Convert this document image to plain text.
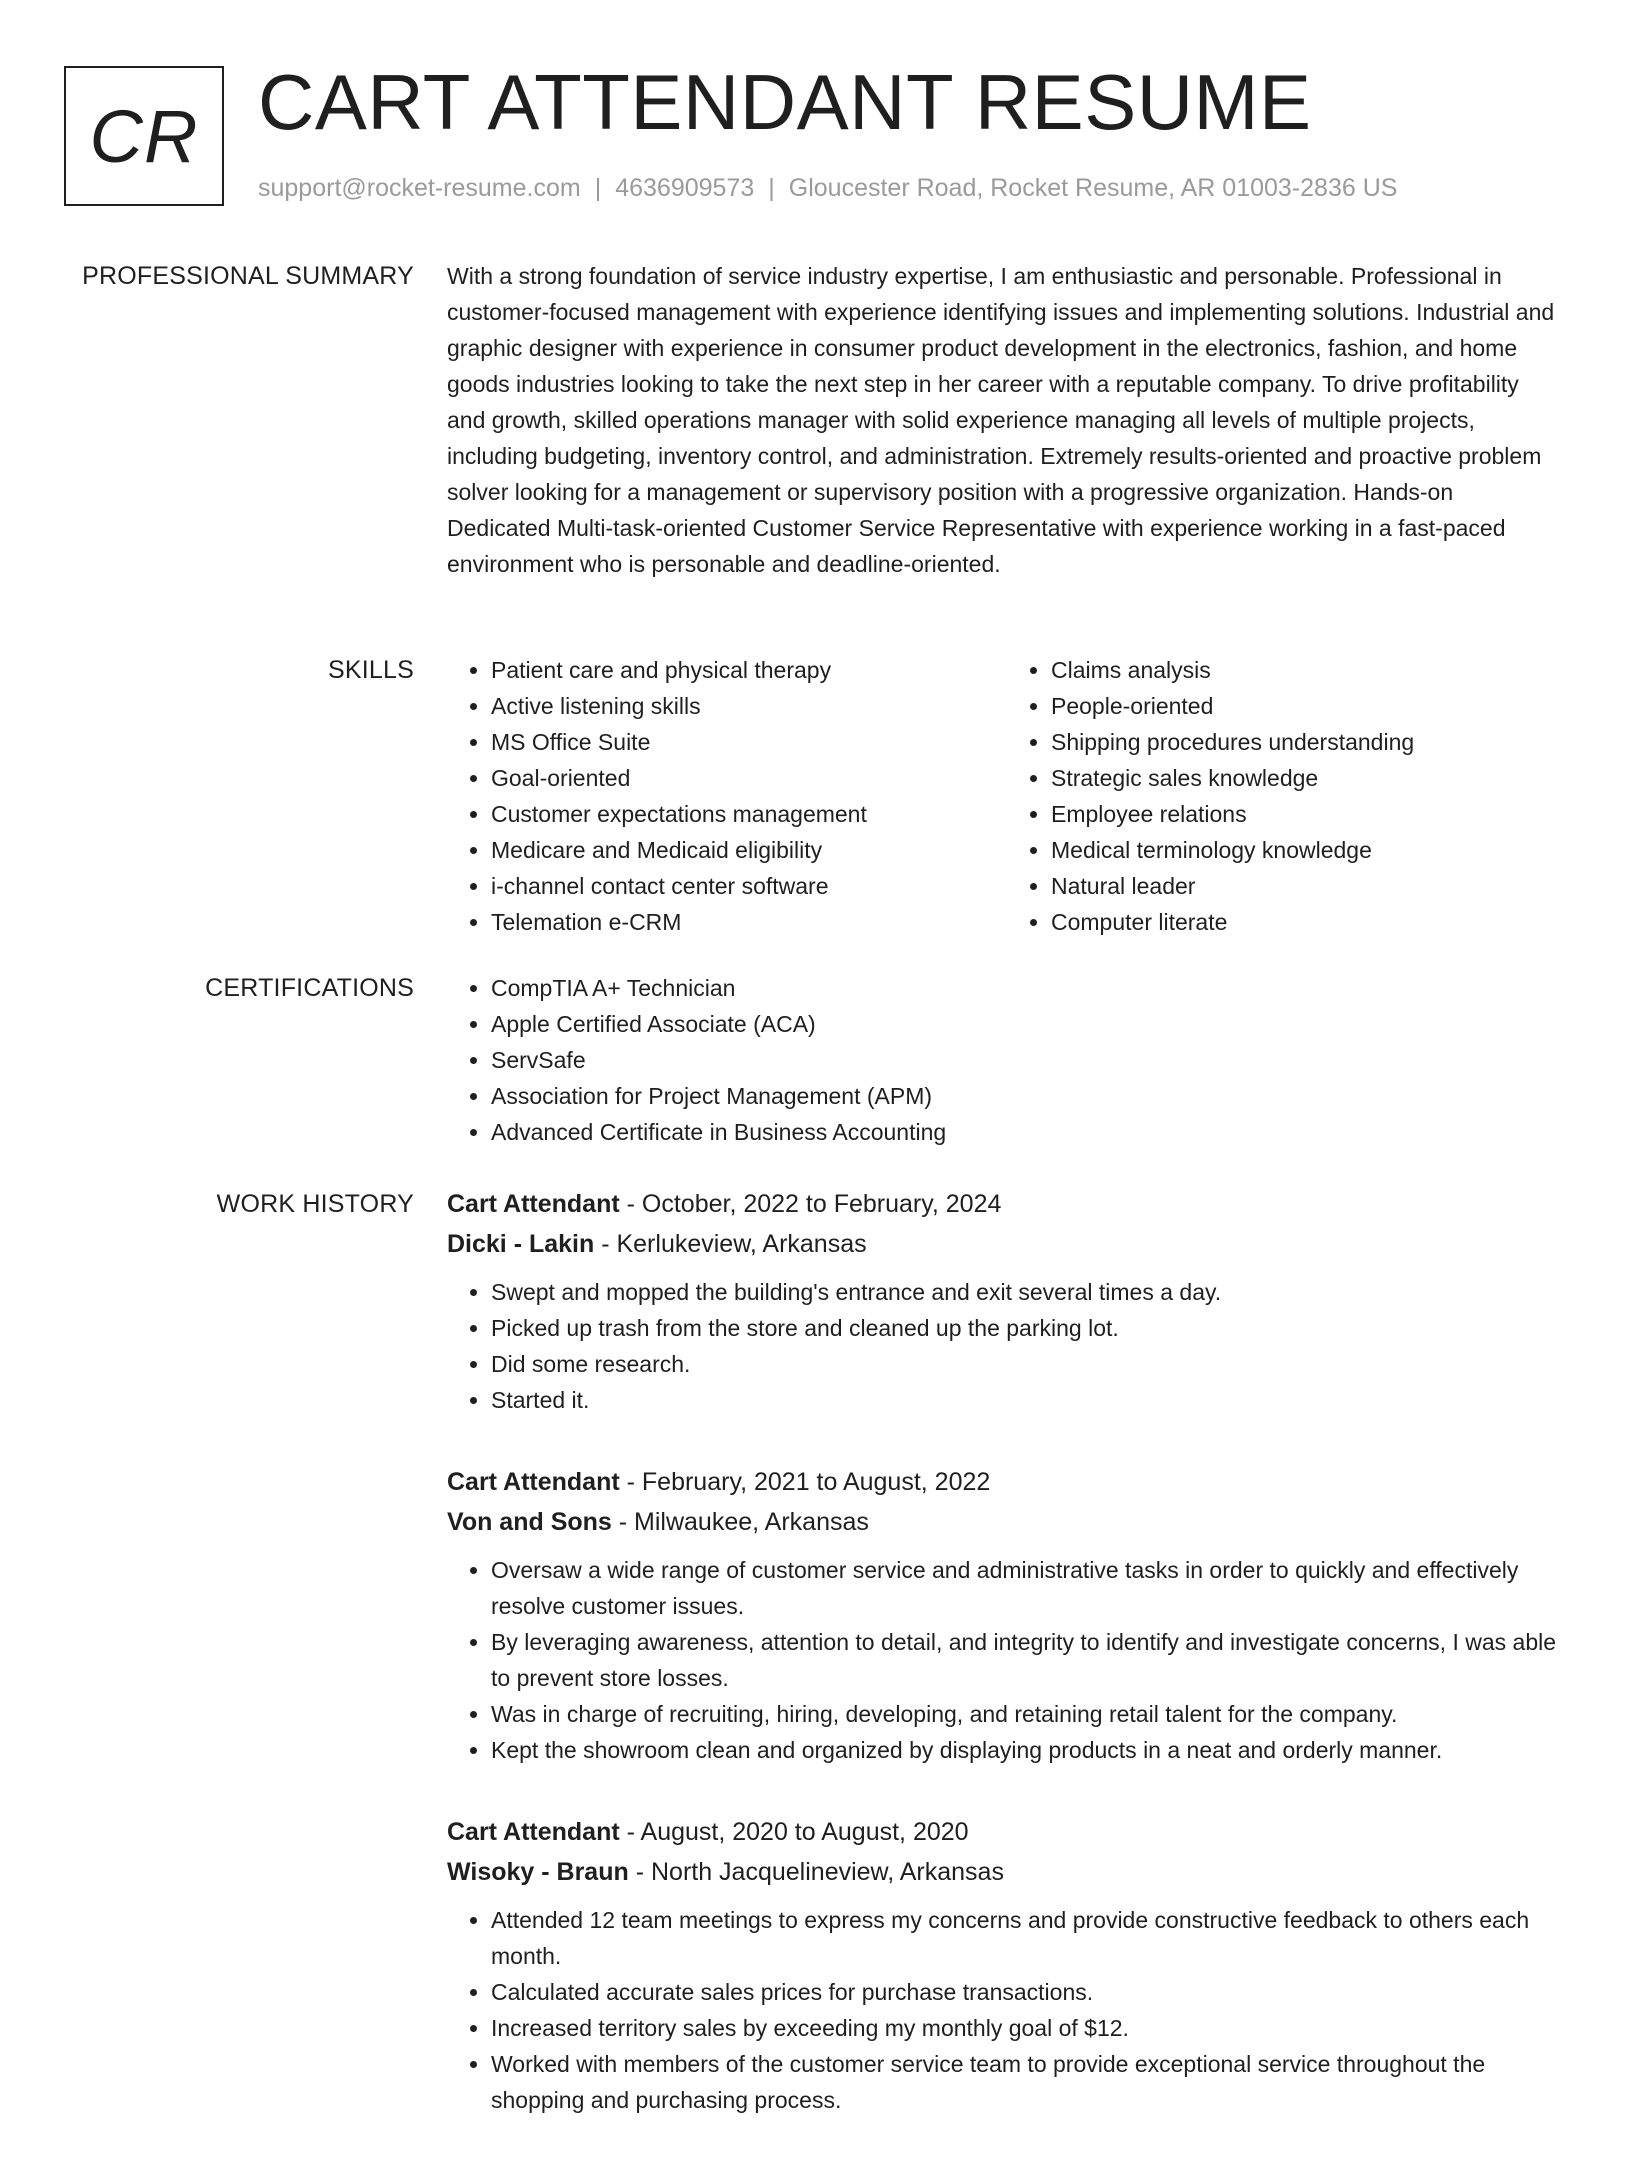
CR CART ATTENDANT RESUME
support@rocket-resume.com | 4636909573 | Gloucester Road, Rocket Resume, AR 01003-2836 US
PROFESSIONAL SUMMARY With a strong foundation of service industry expertise, I am enthusiastic and personable. Professional in customer-focused management with experience identifying issues and implementing solutions. Industrial and graphic designer with experience in consumer product development in the electronics, fashion, and home goods industries looking to take the next step in her career with a reputable company. To drive profitability and growth, skilled operations manager with solid experience managing all levels of multiple projects, including budgeting, inventory control, and administration. Extremely results-oriented and proactive problem solver looking for a management or supervisory position with a progressive organization. Hands-on Dedicated Multi-task-oriented Customer Service Representative with experience working in a fast-paced environment who is personable and deadline-oriented.

SKILLS	• Patient care and physical therapy
• Active listening skills
• MS Office Suite
• Goal-oriented
• Customer expectations management
• Medicare and Medicaid eligibility
• i-channel contact center software
• Telemation e-CRM
• Claims analysis
• People-oriented
• Shipping procedures understanding
• Strategic sales knowledge
• Employee relations
• Medical terminology knowledge
• Natural leader
• Computer literate
CERTIFICATIONS	• CompTIA A+ Technician
• Apple Certified Associate (ACA)
• ServSafe
• Association for Project Management (APM)
• Advanced Certificate in Business Accounting
WORK HISTORY Cart Attendant - October, 2022 to February, 2024
Dicki - Lakin - Kerlukeview, Arkansas
• Swept and mopped the building's entrance and exit several times a day.
• Picked up trash from the store and cleaned up the parking lot.
• Did some research.
• Started it.
Cart Attendant - February, 2021 to August, 2022
Von and Sons - Milwaukee, Arkansas
• Oversaw a wide range of customer service and administrative tasks in order to quickly and effectively resolve customer issues.
• By leveraging awareness, attention to detail, and integrity to identify and investigate concerns, I was able to prevent store losses.
• Was in charge of recruiting, hiring, developing, and retaining retail talent for the company.
• Kept the showroom clean and organized by displaying products in a neat and orderly manner.
Cart Attendant - August, 2020 to August, 2020
Wisoky - Braun - North Jacquelineview, Arkansas
• Attended 12 team meetings to express my concerns and provide constructive feedback to others each month.
• Calculated accurate sales prices for purchase transactions.
• Increased territory sales by exceeding my monthly goal of $12.
• Worked with members of the customer service team to provide exceptional service throughout the shopping and purchasing process.
